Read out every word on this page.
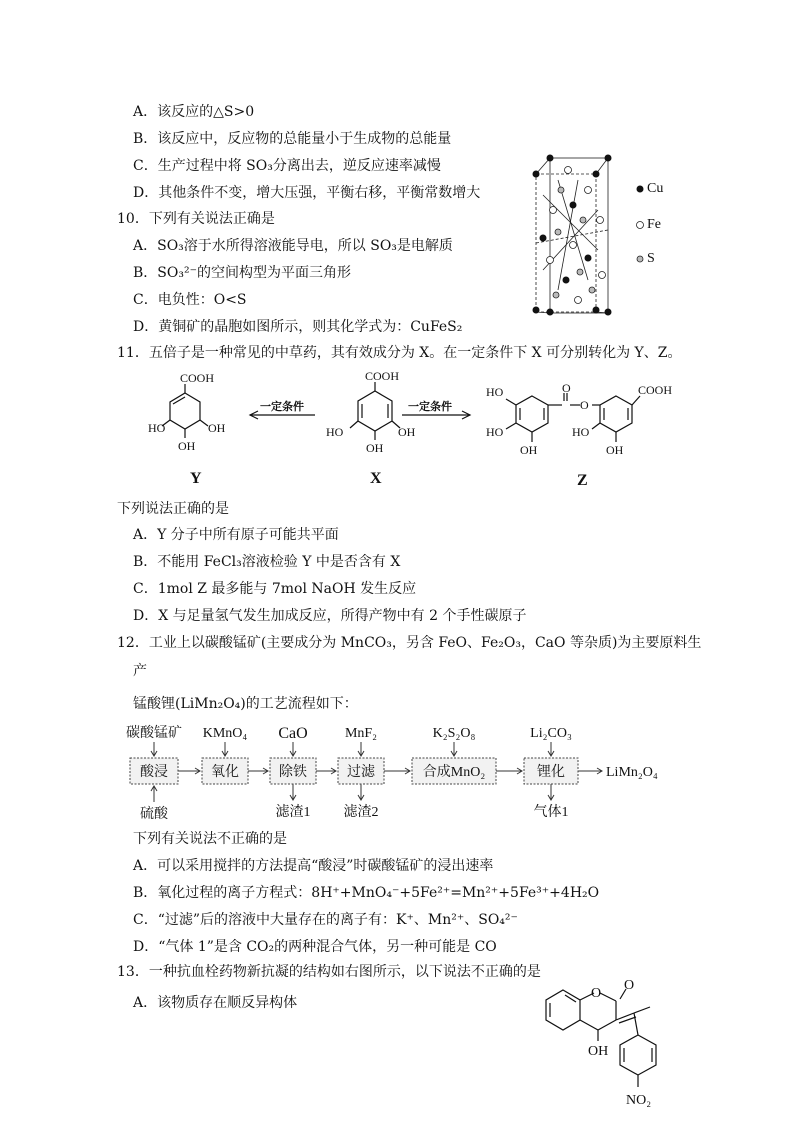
A．该反应的△S>0
B．该反应中，反应物的总能量小于生成物的总能量
C．生产过程中将 SO₃分离出去，逆反应速率减慢
D．其他条件不变，增大压强，平衡右移，平衡常数增大
10．下列有关说法正确是
A．SO₃溶于水所得溶液能导电，所以 SO₃是电解质
B．SO₃²⁻的空间构型为平面三角形
C．电负性：O<S
D．黄铜矿的晶胞如图所示，则其化学式为：CuFeS₂
Cu
Fe
S
11．五倍子是一种常见的中草药，其有效成分为 X。在一定条件下 X 可分别转化为 Y、Z。
COOH
HO
OH
OH
COOH
HO
OH
OH
HO
HO
OH
O
O
COOH
HO
OH
一定条件	一定条件
Y	X	Z
下列说法正确的是
A．Y 分子中所有原子可能共平面
B．不能用 FeCl₃溶液检验 Y 中是否含有 X
C．1mol Z 最多能与 7mol NaOH 发生反应
D．X 与足量氢气发生加成反应，所得产物中有 2 个手性碳原子
12．工业上以碳酸锰矿(主要成分为 MnCO₃，另含 FeO、Fe₂O₃，CaO 等杂质)为主要原料生
产
锰酸锂(LiMn₂O₄)的工艺流程如下：
酸浸	氧化	除铁	过滤	合成MnO₂	锂化
碳酸锰矿 KMnO₄ CaO	MnF₂	K₂S₂O₈	Li₂CO₃
硫酸	滤渣1 滤渣2	气体1
LiMn₂O₄
下列有关说法不正确的是
A．可以采用搅拌的方法提高“酸浸”时碳酸锰矿的浸出速率
B．氧化过程的离子方程式：8H⁺+MnO₄⁻+5Fe²⁺=Mn²⁺+5Fe³⁺+4H₂O
C．“过滤”后的溶液中大量存在的离子有：K⁺、Mn²⁺、SO₄²⁻
D．“气体 1”是含 CO₂的两种混合气体，另一种可能是 CO
13．一种抗血栓药物新抗凝的结构如右图所示，以下说法不正确的是
A．该物质存在顺反异构体
O
O
OH
NO₂
